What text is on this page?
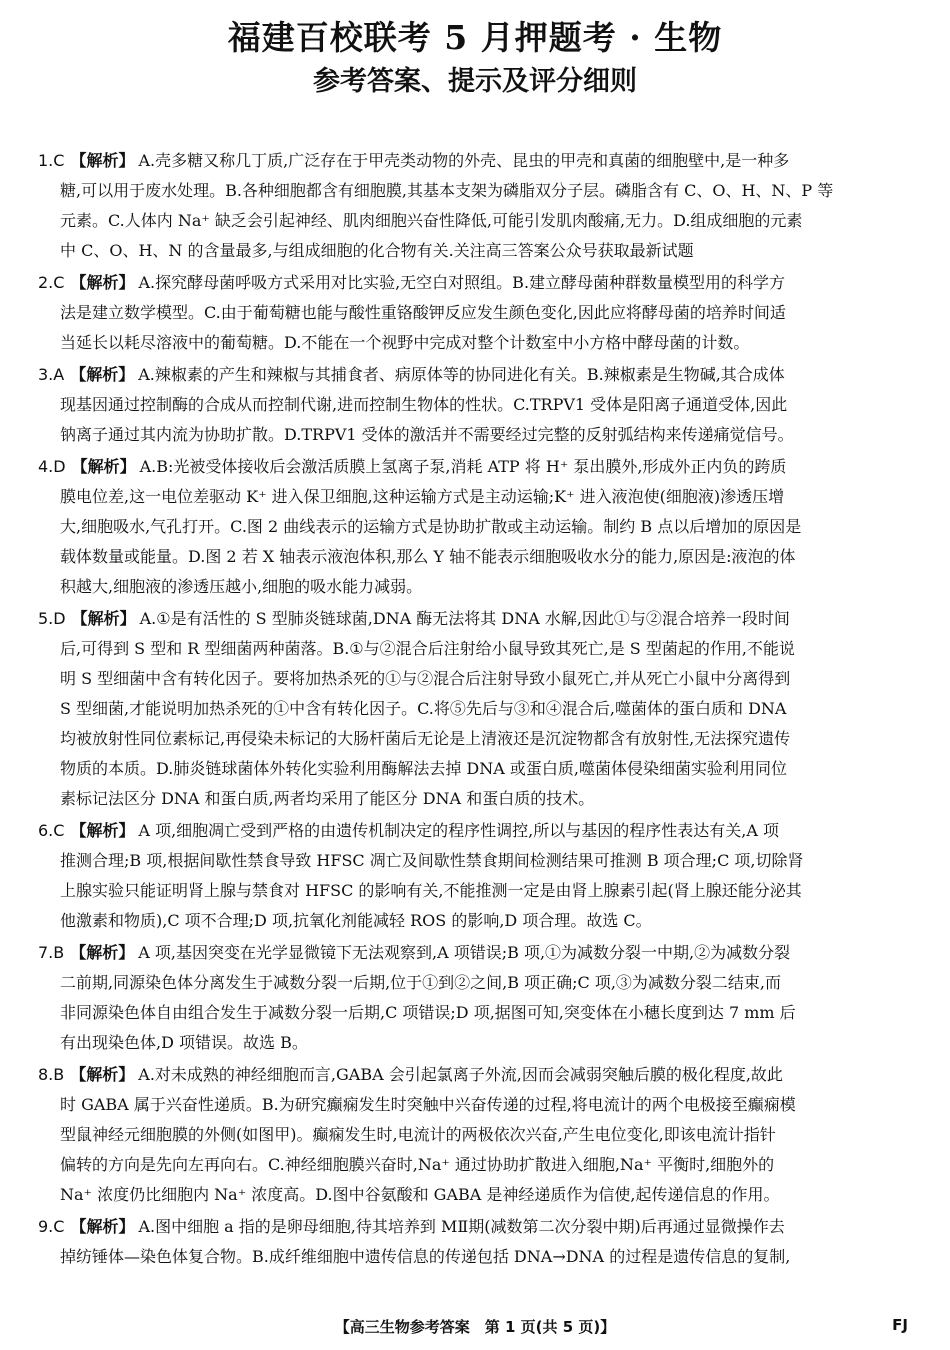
福建百校联考 5 月押题考 · 生物
参考答案、提示及评分细则
1.C 【解析】 A.壳多糖又称几丁质,广泛存在于甲壳类动物的外壳、昆虫的甲壳和真菌的细胞壁中,是一种多
糖,可以用于废水处理。B.各种细胞都含有细胞膜,其基本支架为磷脂双分子层。磷脂含有 C、O、H、N、P 等
元素。C.人体内 Na⁺ 缺乏会引起神经、肌肉细胞兴奋性降低,可能引发肌肉酸痛,无力。D.组成细胞的元素
中 C、O、H、N 的含量最多,与组成细胞的化合物有关.关注高三答案公众号获取最新试题
2.C 【解析】 A.探究酵母菌呼吸方式采用对比实验,无空白对照组。B.建立酵母菌种群数量模型用的科学方
法是建立数学模型。C.由于葡萄糖也能与酸性重铬酸钾反应发生颜色变化,因此应将酵母菌的培养时间适
当延长以耗尽溶液中的葡萄糖。D.不能在一个视野中完成对整个计数室中小方格中酵母菌的计数。
3.A 【解析】 A.辣椒素的产生和辣椒与其捕食者、病原体等的协同进化有关。B.辣椒素是生物碱,其合成体
现基因通过控制酶的合成从而控制代谢,进而控制生物体的性状。C.TRPV1 受体是阳离子通道受体,因此
钠离子通过其内流为协助扩散。D.TRPV1 受体的激活并不需要经过完整的反射弧结构来传递痛觉信号。
4.D 【解析】 A.B:光被受体接收后会激活质膜上氢离子泵,消耗 ATP 将 H⁺ 泵出膜外,形成外正内负的跨质
膜电位差,这一电位差驱动 K⁺ 进入保卫细胞,这种运输方式是主动运输;K⁺ 进入液泡使(细胞液)渗透压增
大,细胞吸水,气孔打开。C.图 2 曲线表示的运输方式是协助扩散或主动运输。制约 B 点以后增加的原因是
载体数量或能量。D.图 2 若 X 轴表示液泡体积,那么 Y 轴不能表示细胞吸收水分的能力,原因是:液泡的体
积越大,细胞液的渗透压越小,细胞的吸水能力减弱。
5.D 【解析】 A.①是有活性的 S 型肺炎链球菌,DNA 酶无法将其 DNA 水解,因此①与②混合培养一段时间
后,可得到 S 型和 R 型细菌两种菌落。B.①与②混合后注射给小鼠导致其死亡,是 S 型菌起的作用,不能说
明 S 型细菌中含有转化因子。要将加热杀死的①与②混合后注射导致小鼠死亡,并从死亡小鼠中分离得到
S 型细菌,才能说明加热杀死的①中含有转化因子。C.将⑤先后与③和④混合后,噬菌体的蛋白质和 DNA
均被放射性同位素标记,再侵染未标记的大肠杆菌后无论是上清液还是沉淀物都含有放射性,无法探究遗传
物质的本质。D.肺炎链球菌体外转化实验利用酶解法去掉 DNA 或蛋白质,噬菌体侵染细菌实验利用同位
素标记法区分 DNA 和蛋白质,两者均采用了能区分 DNA 和蛋白质的技术。
6.C 【解析】 A 项,细胞凋亡受到严格的由遗传机制决定的程序性调控,所以与基因的程序性表达有关,A 项
推测合理;B 项,根据间歇性禁食导致 HFSC 凋亡及间歇性禁食期间检测结果可推测 B 项合理;C 项,切除肾
上腺实验只能证明肾上腺与禁食对 HFSC 的影响有关,不能推测一定是由肾上腺素引起(肾上腺还能分泌其
他激素和物质),C 项不合理;D 项,抗氧化剂能减轻 ROS 的影响,D 项合理。故选 C。
7.B 【解析】 A 项,基因突变在光学显微镜下无法观察到,A 项错误;B 项,①为减数分裂一中期,②为减数分裂
二前期,同源染色体分离发生于减数分裂一后期,位于①到②之间,B 项正确;C 项,③为减数分裂二结束,而
非同源染色体自由组合发生于减数分裂一后期,C 项错误;D 项,据图可知,突变体在小穗长度到达 7 mm 后
有出现染色体,D 项错误。故选 B。
8.B 【解析】 A.对未成熟的神经细胞而言,GABA 会引起氯离子外流,因而会减弱突触后膜的极化程度,故此
时 GABA 属于兴奋性递质。B.为研究癫痫发生时突触中兴奋传递的过程,将电流计的两个电极接至癫痫模
型鼠神经元细胞膜的外侧(如图甲)。癫痫发生时,电流计的两极依次兴奋,产生电位变化,即该电流计指针
偏转的方向是先向左再向右。C.神经细胞膜兴奋时,Na⁺ 通过协助扩散进入细胞,Na⁺ 平衡时,细胞外的
Na⁺ 浓度仍比细胞内 Na⁺ 浓度高。D.图中谷氨酸和 GABA 是神经递质作为信使,起传递信息的作用。
9.C 【解析】 A.图中细胞 a 指的是卵母细胞,待其培养到 MⅡ期(减数第二次分裂中期)后再通过显微操作去
掉纺锤体—染色体复合物。B.成纤维细胞中遗传信息的传递包括 DNA→DNA 的过程是遗传信息的复制,
【高三生物参考答案　第 1 页(共 5 页)】	FJ
